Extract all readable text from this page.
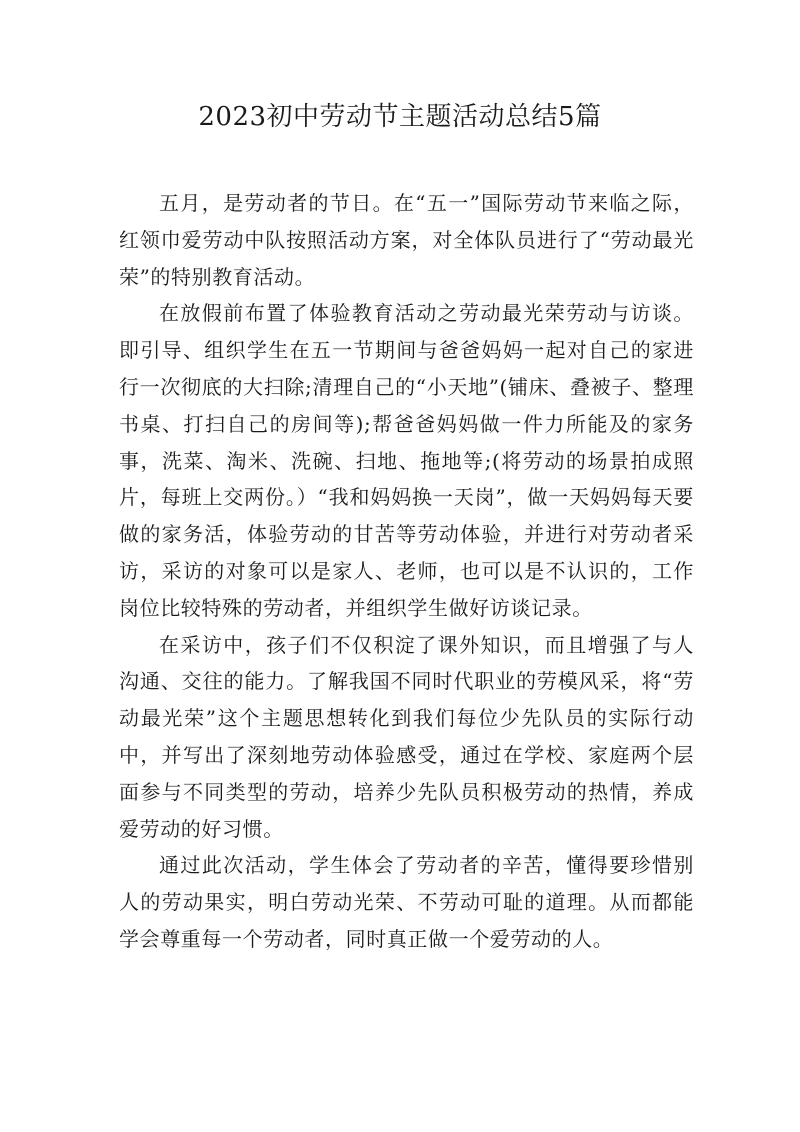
2023初中劳动节主题活动总结5篇

五月，是劳动者的节日。在“五一”国际劳动节来临之际，红领巾爱劳动中队按照活动方案，对全体队员进行了“劳动最光荣”的特别教育活动。

在放假前布置了体验教育活动之劳动最光荣劳动与访谈。即引导、组织学生在五一节期间与爸爸妈妈一起对自己的家进行一次彻底的大扫除;清理自己的“小天地”(铺床、叠被子、整理书桌、打扫自己的房间等);帮爸爸妈妈做一件力所能及的家务事，洗菜、淘米、洗碗、扫地、拖地等;(将劳动的场景拍成照片，每班上交两份。）“我和妈妈换一天岗”，做一天妈妈每天要做的家务活，体验劳动的甘苦等劳动体验，并进行对劳动者采访，采访的对象可以是家人、老师，也可以是不认识的，工作岗位比较特殊的劳动者，并组织学生做好访谈记录。

在采访中，孩子们不仅积淀了课外知识，而且增强了与人沟通、交往的能力。了解我国不同时代职业的劳模风采，将“劳动最光荣”这个主题思想转化到我们每位少先队员的实际行动中，并写出了深刻地劳动体验感受，通过在学校、家庭两个层面参与不同类型的劳动，培养少先队员积极劳动的热情，养成爱劳动的好习惯。

通过此次活动，学生体会了劳动者的辛苦，懂得要珍惜别人的劳动果实，明白劳动光荣、不劳动可耻的道理。从而都能学会尊重每一个劳动者，同时真正做一个爱劳动的人。
